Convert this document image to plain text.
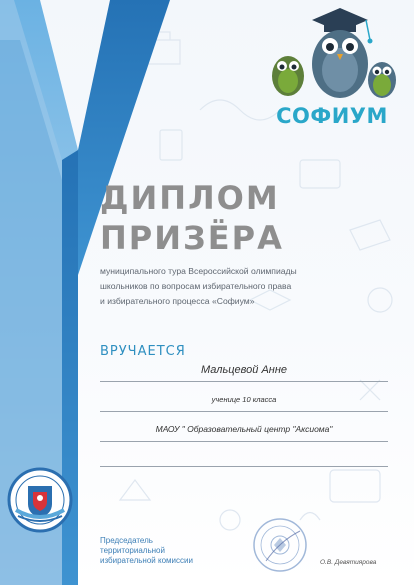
СОФИУМ
ДИПЛОМ
ПРИЗЁРА
муниципального тура Всероссийской олимпиады
школьников по вопросам избирательного права
и избирательного процесса «Софиум»
ВРУЧАЕТСЯ
Мальцевой Анне
ученице 10 класса
МАОУ " Образовательный центр "Аксиома"
Председатель
территориальной
избирательной комиссии	О.В. Девятиярова
